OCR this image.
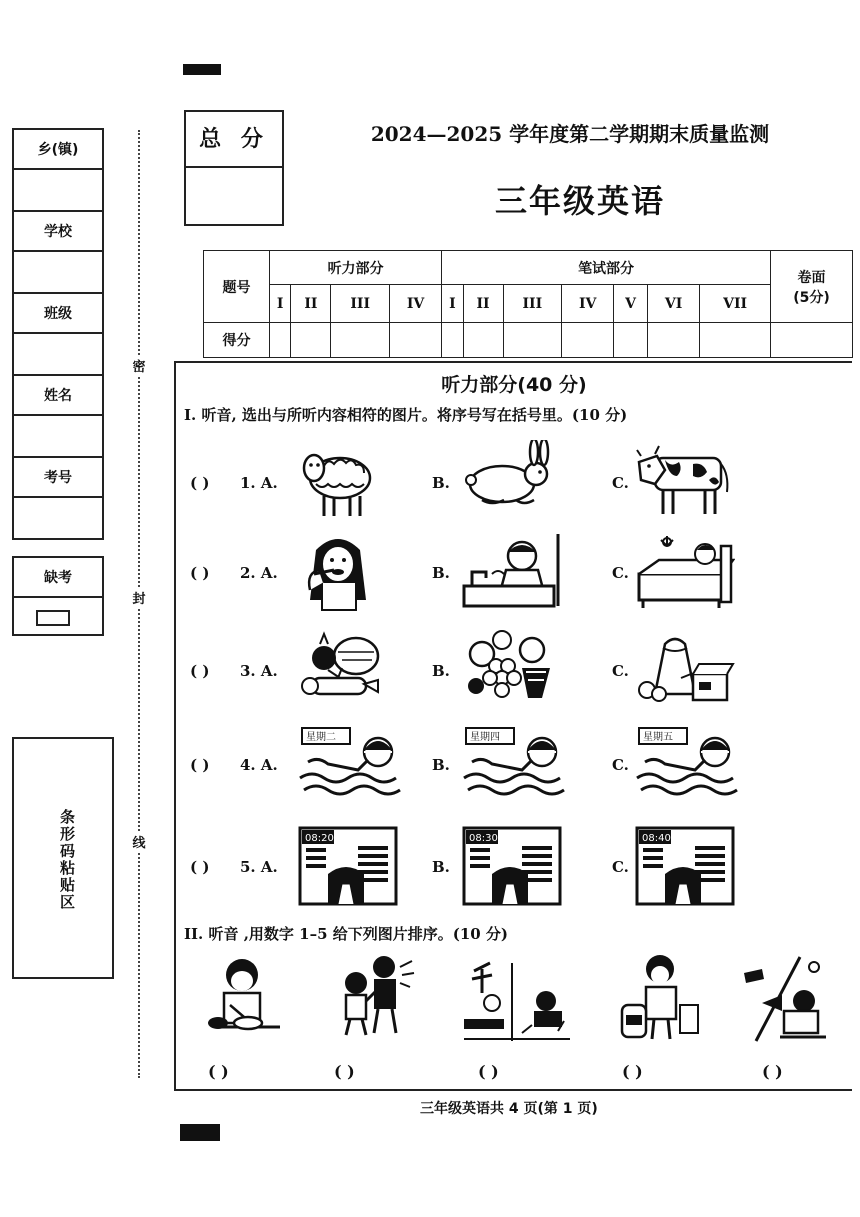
乡(镇)
学校
班级
姓名
考号
缺考
条形码粘贴区
密
封
线
总 分	2024—2025 学年度第二学期期末质量监测
三年级英语
题号	听力部分				笔试部分							卷面
(5分)
	I	II	III	IV	I	II	III	IV	V	VI	VII	
得分												
听力部分(40 分)
I. 听音, 选出与所听内容相符的图片。将序号写在括号里。(10 分)
( ) 1. A.	B.	C.
( ) 2. A.	B.	C.
( ) 3. A.	B.	C.
( ) 4. A.	B.	C.
星期二	星期四	星期五
( ) 5. A.	B.	C.
08:20	08:30	08:40
II. 听音 ,用数字 1–5 给下列图片排序。(10 分)
( )	( )	( )	( )	( )
三年级英语共 4 页(第 1 页)
